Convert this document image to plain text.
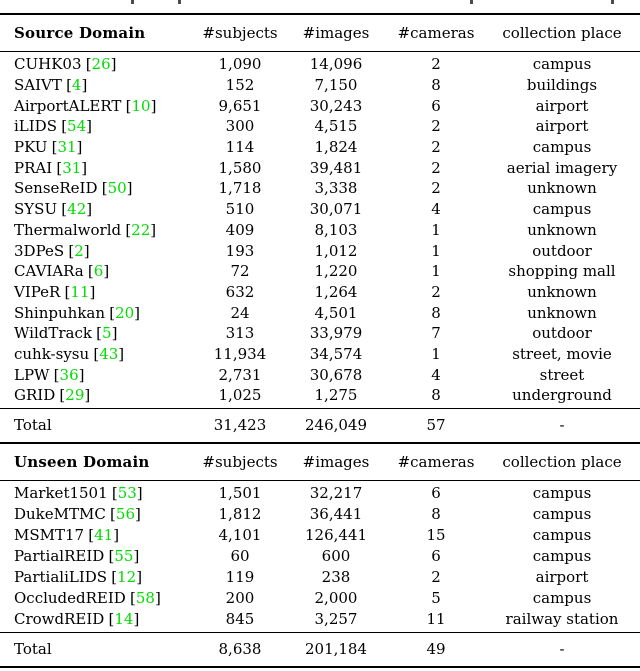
Source Domain	#subjects	#images	#cameras	collection place
CUHK03 [26]	1,090	14,096	2	campus
SAIVT [4]	152	7,150	8	buildings
AirportALERT [10]	9,651	30,243	6	airport
iLIDS [54]	300	4,515	2	airport
PKU [31]	114	1,824	2	campus
PRAI [31]	1,580	39,481	2	aerial imagery
SenseReID [50]	1,718	3,338	2	unknown
SYSU [42]	510	30,071	4	campus
Thermalworld [22]	409	8,103	1	unknown
3DPeS [2]	193	1,012	1	outdoor
CAVIARa [6]	72	1,220	1	shopping mall
VIPeR [11]	632	1,264	2	unknown
Shinpuhkan [20]	24	4,501	8	unknown
WildTrack [5]	313	33,979	7	outdoor
cuhk-sysu [43]	11,934	34,574	1	street, movie
LPW [36]	2,731	30,678	4	street
GRID [29]	1,025	1,275	8	underground
Total	31,423	246,049	57	-
Unseen Domain	#subjects	#images	#cameras	collection place
Market1501 [53]	1,501	32,217	6	campus
DukeMTMC [56]	1,812	36,441	8	campus
MSMT17 [41]	4,101	126,441	15	campus
PartialREID [55]	60	600	6	campus
PartialiLIDS [12]	119	238	2	airport
OccludedREID [58]	200	2,000	5	campus
CrowdREID [14]	845	3,257	11	railway station
Total	8,638	201,184	49	-
